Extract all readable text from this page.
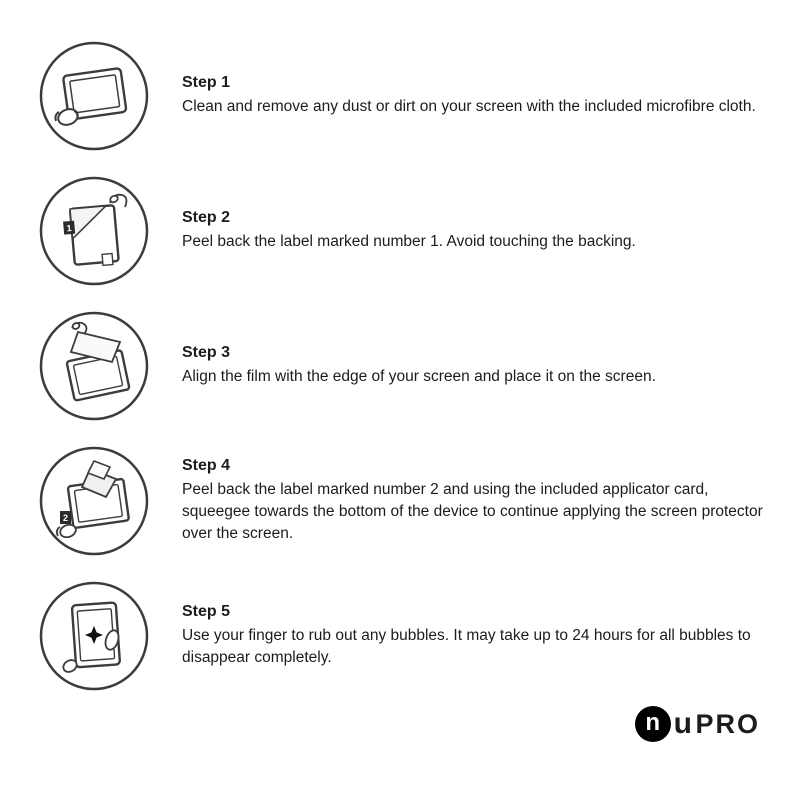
Step 1

Clean and remove any dust or dirt on your screen with the included microfibre cloth.

1

Step 2

Peel back the label marked number 1. Avoid touching the backing.

Step 3

Align the film with the edge of your screen and place it on the screen.

2

Step 4

Peel back the label marked number 2 and using the included applicator card, squeegee towards the bottom of the device to continue applying the screen protector over the screen.

Step 5

Use your finger to rub out any bubbles. It may take up to 24 hours for all bubbles to disappear completely.

n u PRO
